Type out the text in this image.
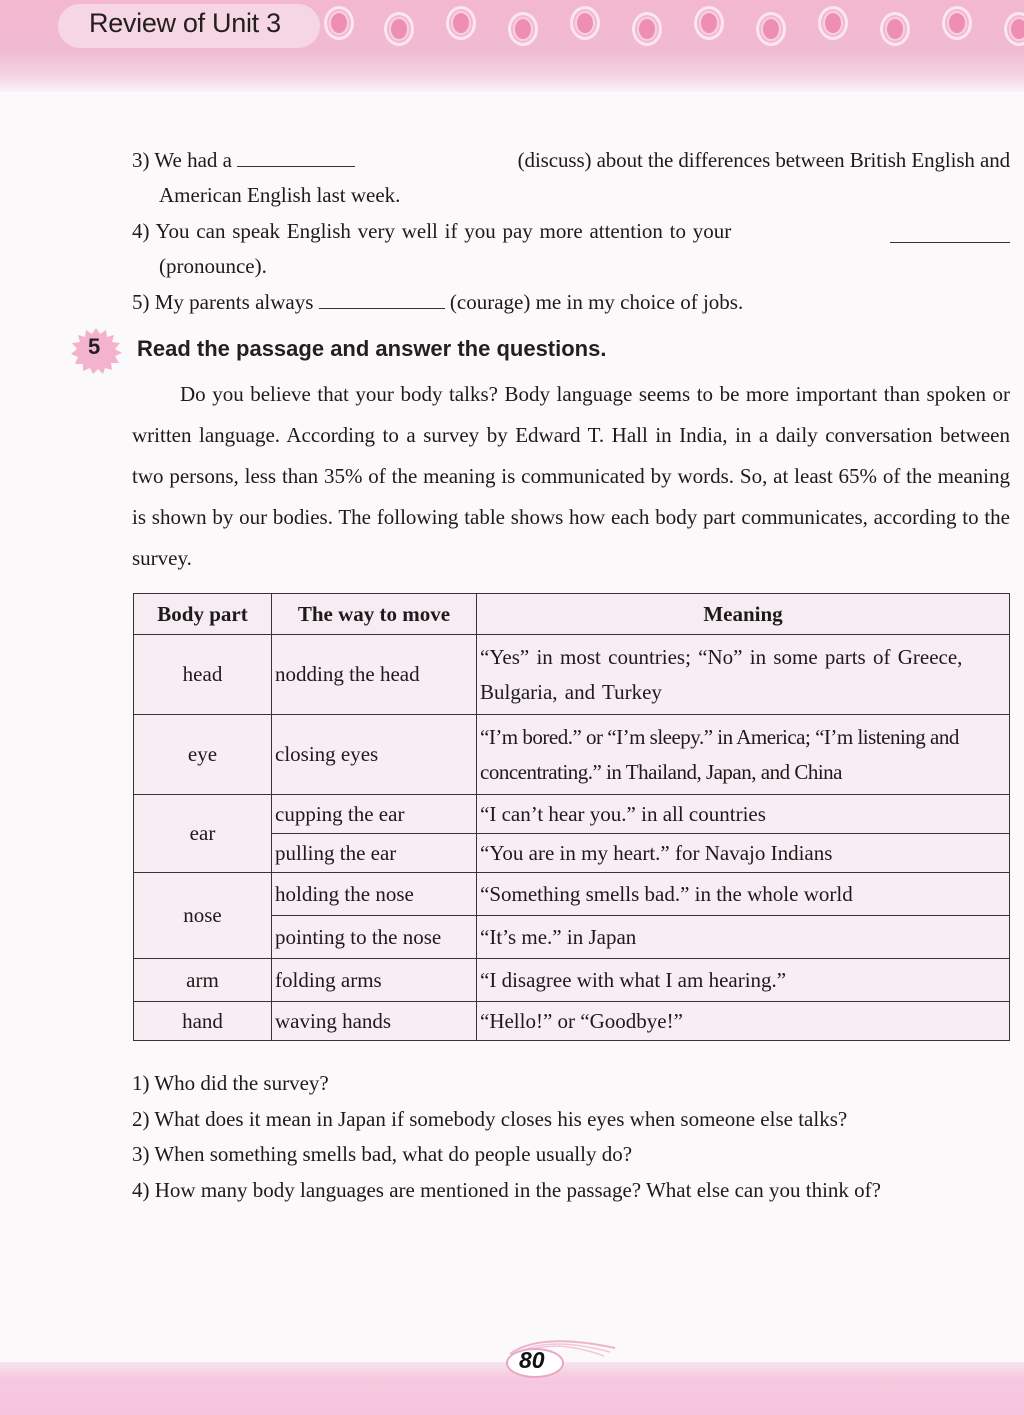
Review of Unit 3
3) We had a	(discuss) about the differences between British English and
American English last week.
4) You can speak English very well if you pay more attention to your
(pronounce).
5) My parents always	(courage) me in my choice of jobs.
5 Read the passage and answer the questions.
Do you believe that your body talks? Body language seems to be more important than spoken or written language. According to a survey by Edward T. Hall in India, in a daily conversation between two persons, less than 35% of the meaning is communicated by words. So, at least 65% of the meaning is shown by our bodies. The following table shows how each body part communicates, according to the survey.
Body part	The way to move	Meaning
head	nodding the head	“Yes” in most countries; “No” in some parts of Greece, Bulgaria, and Turkey
eye	closing eyes	“I’m bored.” or “I’m sleepy.” in America; “I’m listening and concentrating.” in Thailand, Japan, and China
ear	cupping the ear	“I can’t hear you.” in all countries
	pulling the ear	“You are in my heart.” for Navajo Indians
nose	holding the nose	“Something smells bad.” in the whole world
	pointing to the nose	“It’s me.” in Japan
arm	folding arms	“I disagree with what I am hearing.”
hand	waving hands	“Hello!” or “Goodbye!”
1) Who did the survey?
2) What does it mean in Japan if somebody closes his eyes when someone else talks?
3) When something smells bad, what do people usually do?
4) How many body languages are mentioned in the passage? What else can you think of?
80
